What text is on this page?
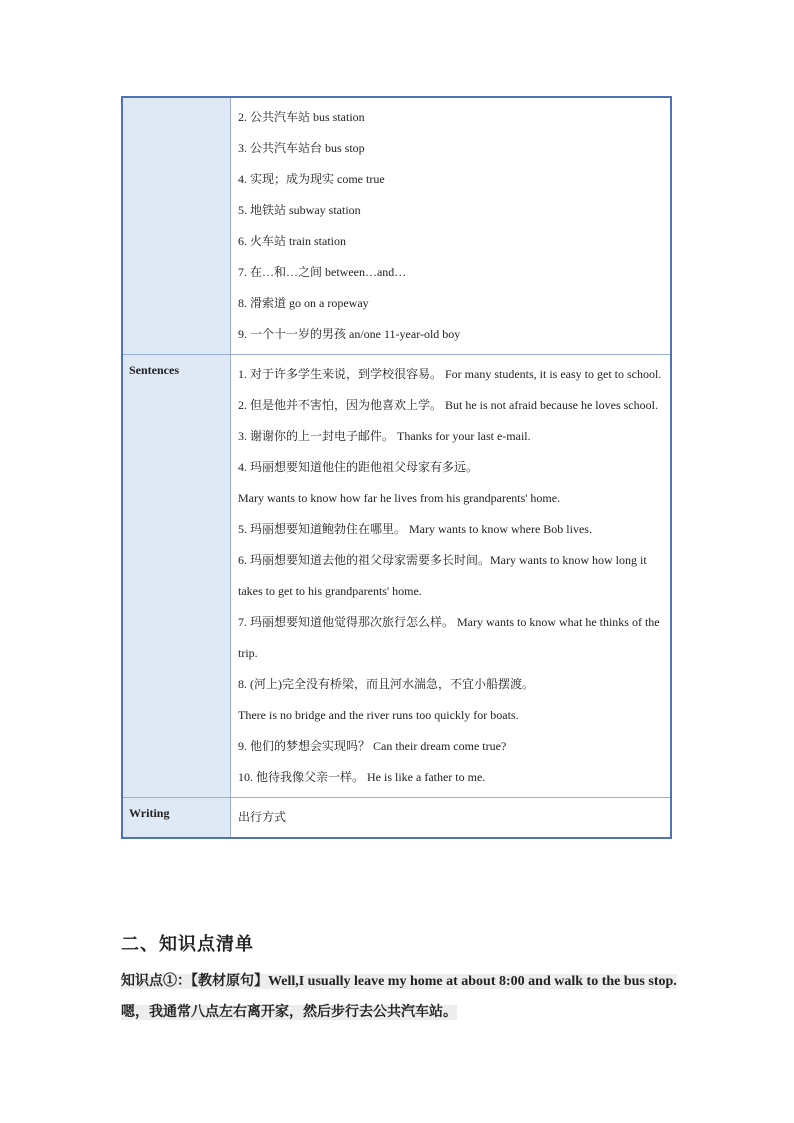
2. 公共汽车站 bus station
3. 公共汽车站台 bus stop
4. 实现；成为现实 come true
5. 地铁站 subway station
6. 火车站 train station
7. 在…和…之间 between…and…
8. 滑索道 go on a ropeway
9. 一个十一岁的男孩 an/one 11-year-old boy
Sentences	1. 对于许多学生来说，到学校很容易。 For many students, it is easy to get to school.
2. 但是他并不害怕，因为他喜欢上学。 But he is not afraid because he loves school.
3. 谢谢你的上一封电子邮件。 Thanks for your last e-mail.
4. 玛丽想要知道他住的距他祖父母家有多远。
Mary wants to know how far he lives from his grandparents' home.
5. 玛丽想要知道鲍勃住在哪里。 Mary wants to know where Bob lives.
6. 玛丽想要知道去他的祖父母家需要多长时间。Mary wants to know how long it takes to get to his grandparents' home.
7. 玛丽想要知道他觉得那次旅行怎么样。 Mary wants to know what he thinks of the trip.
8. (河上)完全没有桥梁，而且河水湍急，不宜小船摆渡。
There is no bridge and the river runs too quickly for boats.
9. 他们的梦想会实现吗？ Can their dream come true?
10. 他待我像父亲一样。 He is like a father to me.
Writing	出行方式
二、知识点清单
知识点①：【教材原句】Well,I usually leave my home at about 8:00 and walk to the bus stop.嗯，我通常八点左右离开家，然后步行去公共汽车站。
